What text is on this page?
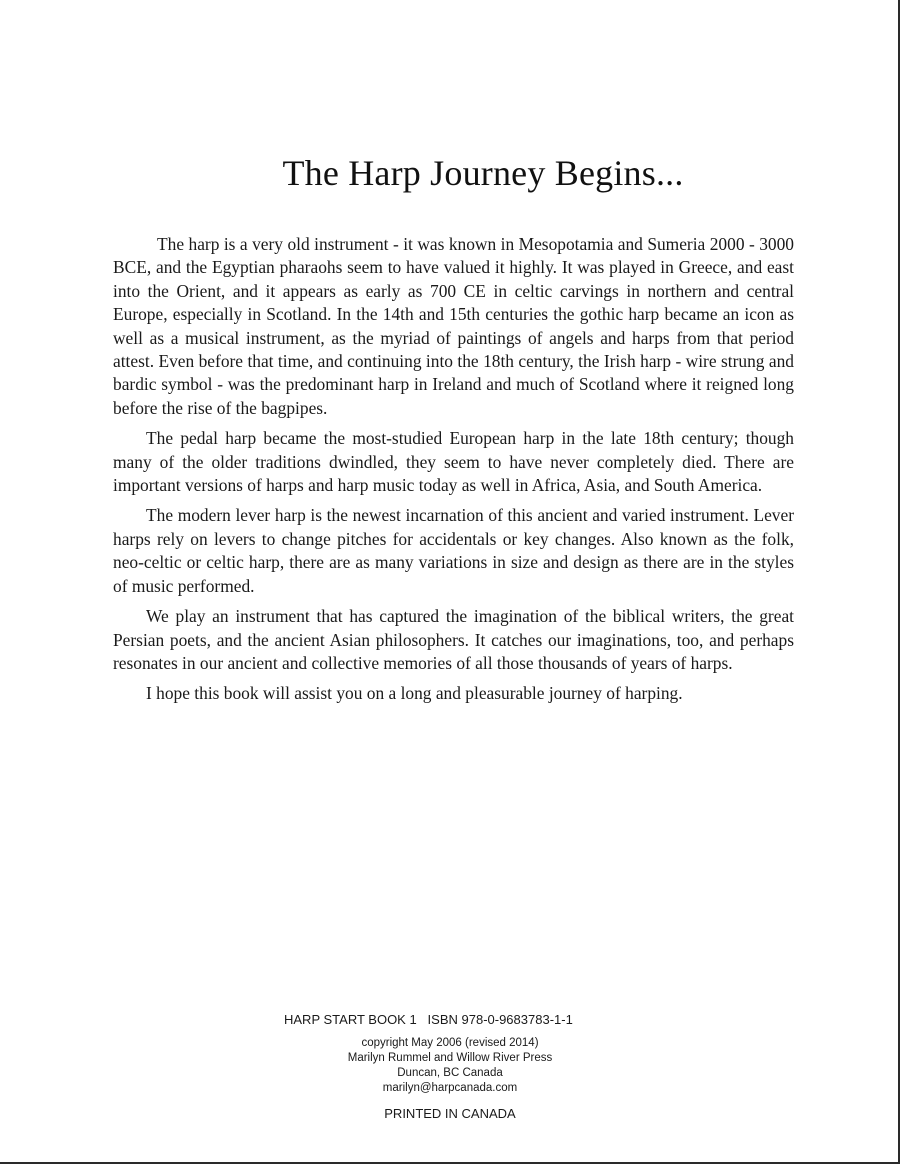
The Harp Journey Begins...

The harp is a very old instrument - it was known in Mesopotamia and Sumeria 2000 - 3000 BCE, and the Egyptian pharaohs seem to have valued it highly. It was played in Greece, and east into the Orient, and it appears as early as 700 CE in celtic carvings in northern and central Europe, especially in Scotland. In the 14th and 15th centuries the gothic harp became an icon as well as a musical instrument, as the myriad of paintings of angels and harps from that period attest. Even before that time, and continuing into the 18th century, the Irish harp - wire strung and bardic symbol - was the predominant harp in Ireland and much of Scotland where it reigned long before the rise of the bagpipes.

The pedal harp became the most-studied European harp in the late 18th century; though many of the older traditions dwindled, they seem to have never completely died. There are important versions of harps and harp music today as well in Africa, Asia, and South America.

The modern lever harp is the newest incarnation of this ancient and varied instrument. Lever harps rely on levers to change pitches for accidentals or key changes. Also known as the folk, neo-celtic or celtic harp, there are as many variations in size and design as there are in the styles of music performed.

We play an instrument that has captured the imagination of the biblical writers, the great Persian poets, and the ancient Asian philosophers. It catches our imaginations, too, and perhaps resonates in our ancient and collective memories of all those thousands of years of harps.

I hope this book will assist you on a long and pleasurable journey of harping.

HARP START BOOK 1 ISBN 978-0-9683783-1-1
copyright May 2006 (revised 2014)
Marilyn Rummel and Willow River Press
Duncan, BC Canada
marilyn@harpcanada.com
PRINTED IN CANADA
